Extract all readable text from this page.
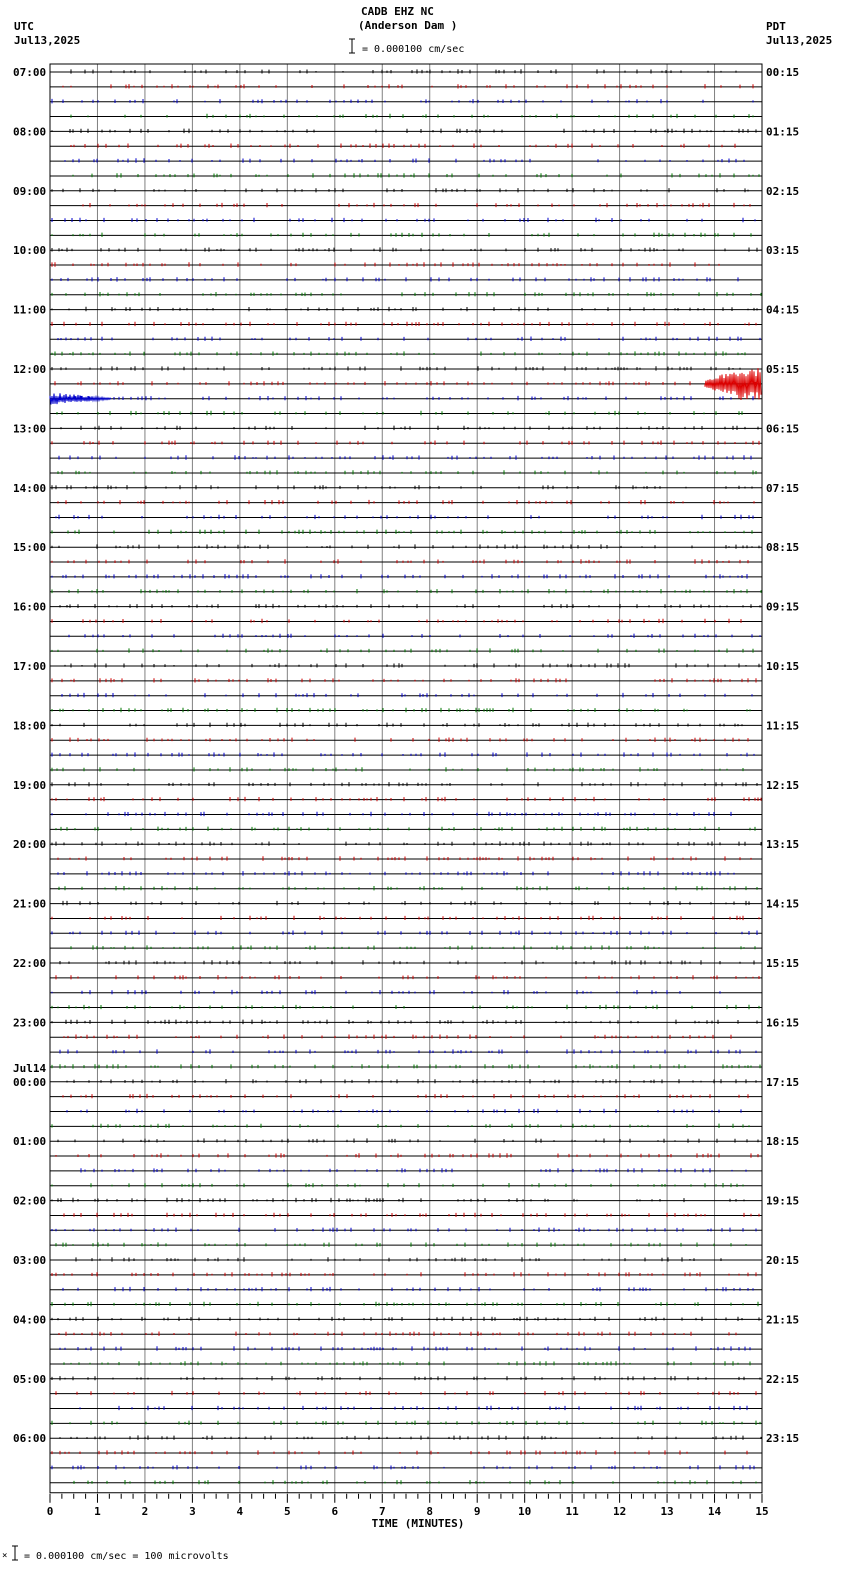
CADB EHZ NC
(Anderson Dam )
= 0.000100 cm/sec
UTC
Jul13,2025
PDT
Jul13,2025
07:00
08:00
09:00
10:00
11:00
12:00
13:00
14:00
15:00
16:00
17:00
18:00
19:00
20:00
21:00
22:00
23:00
00:00
01:00
02:00
03:00
04:00
05:00
06:00
Jul14
00:15
01:15
02:15
03:15
04:15
05:15
06:15
07:15
08:15
09:15
10:15
11:15
12:15
13:15
14:15
15:15
16:15
17:15
18:15
19:15
20:15
21:15
22:15
23:15
0	1	2	3	4	5	6	7	8	9	10	11	12	13	14	15
TIME (MINUTES)
× = 0.000100 cm/sec = 100 microvolts
